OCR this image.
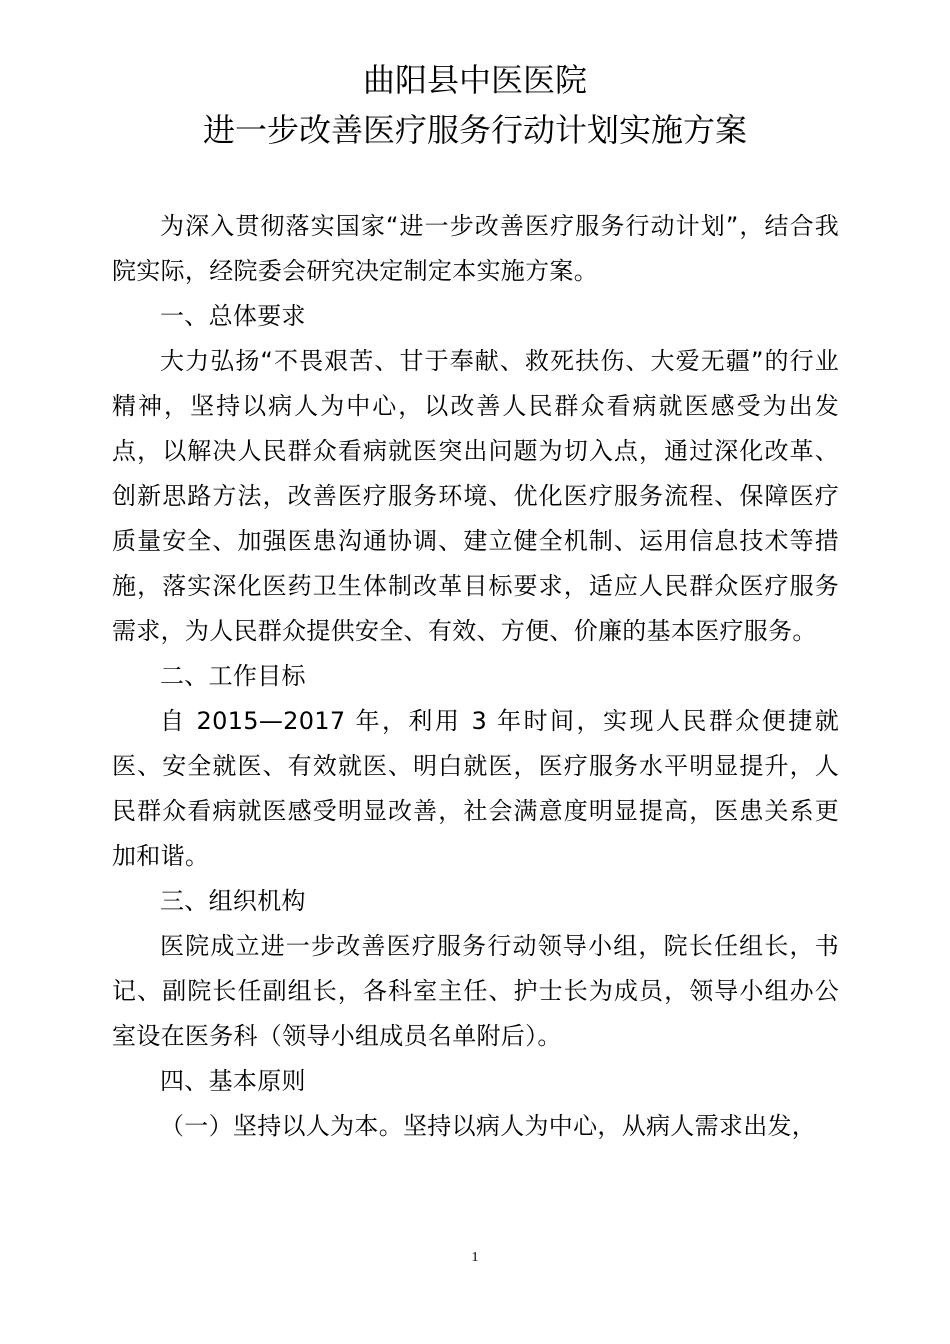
曲阳县中医医院
进一步改善医疗服务行动计划实施方案

为深入贯彻落实国家“进一步改善医疗服务行动计划”，结合我院实际，经院委会研究决定制定本实施方案。

一、总体要求

大力弘扬“不畏艰苦、甘于奉献、救死扶伤、大爱无疆”的行业精神，坚持以病人为中心，以改善人民群众看病就医感受为出发点，以解决人民群众看病就医突出问题为切入点，通过深化改革、创新思路方法，改善医疗服务环境、优化医疗服务流程、保障医疗质量安全、加强医患沟通协调、建立健全机制、运用信息技术等措施，落实深化医药卫生体制改革目标要求，适应人民群众医疗服务需求，为人民群众提供安全、有效、方便、价廉的基本医疗服务。

二、工作目标

自 2015—2017 年，利用 3 年时间，实现人民群众便捷就医、安全就医、有效就医、明白就医，医疗服务水平明显提升，人民群众看病就医感受明显改善，社会满意度明显提高，医患关系更加和谐。

三、组织机构

医院成立进一步改善医疗服务行动领导小组，院长任组长，书记、副院长任副组长，各科室主任、护士长为成员，领导小组办公室设在医务科（领导小组成员名单附后）。

四、基本原则

（一）坚持以人为本。坚持以病人为中心，从病人需求出发，

1
